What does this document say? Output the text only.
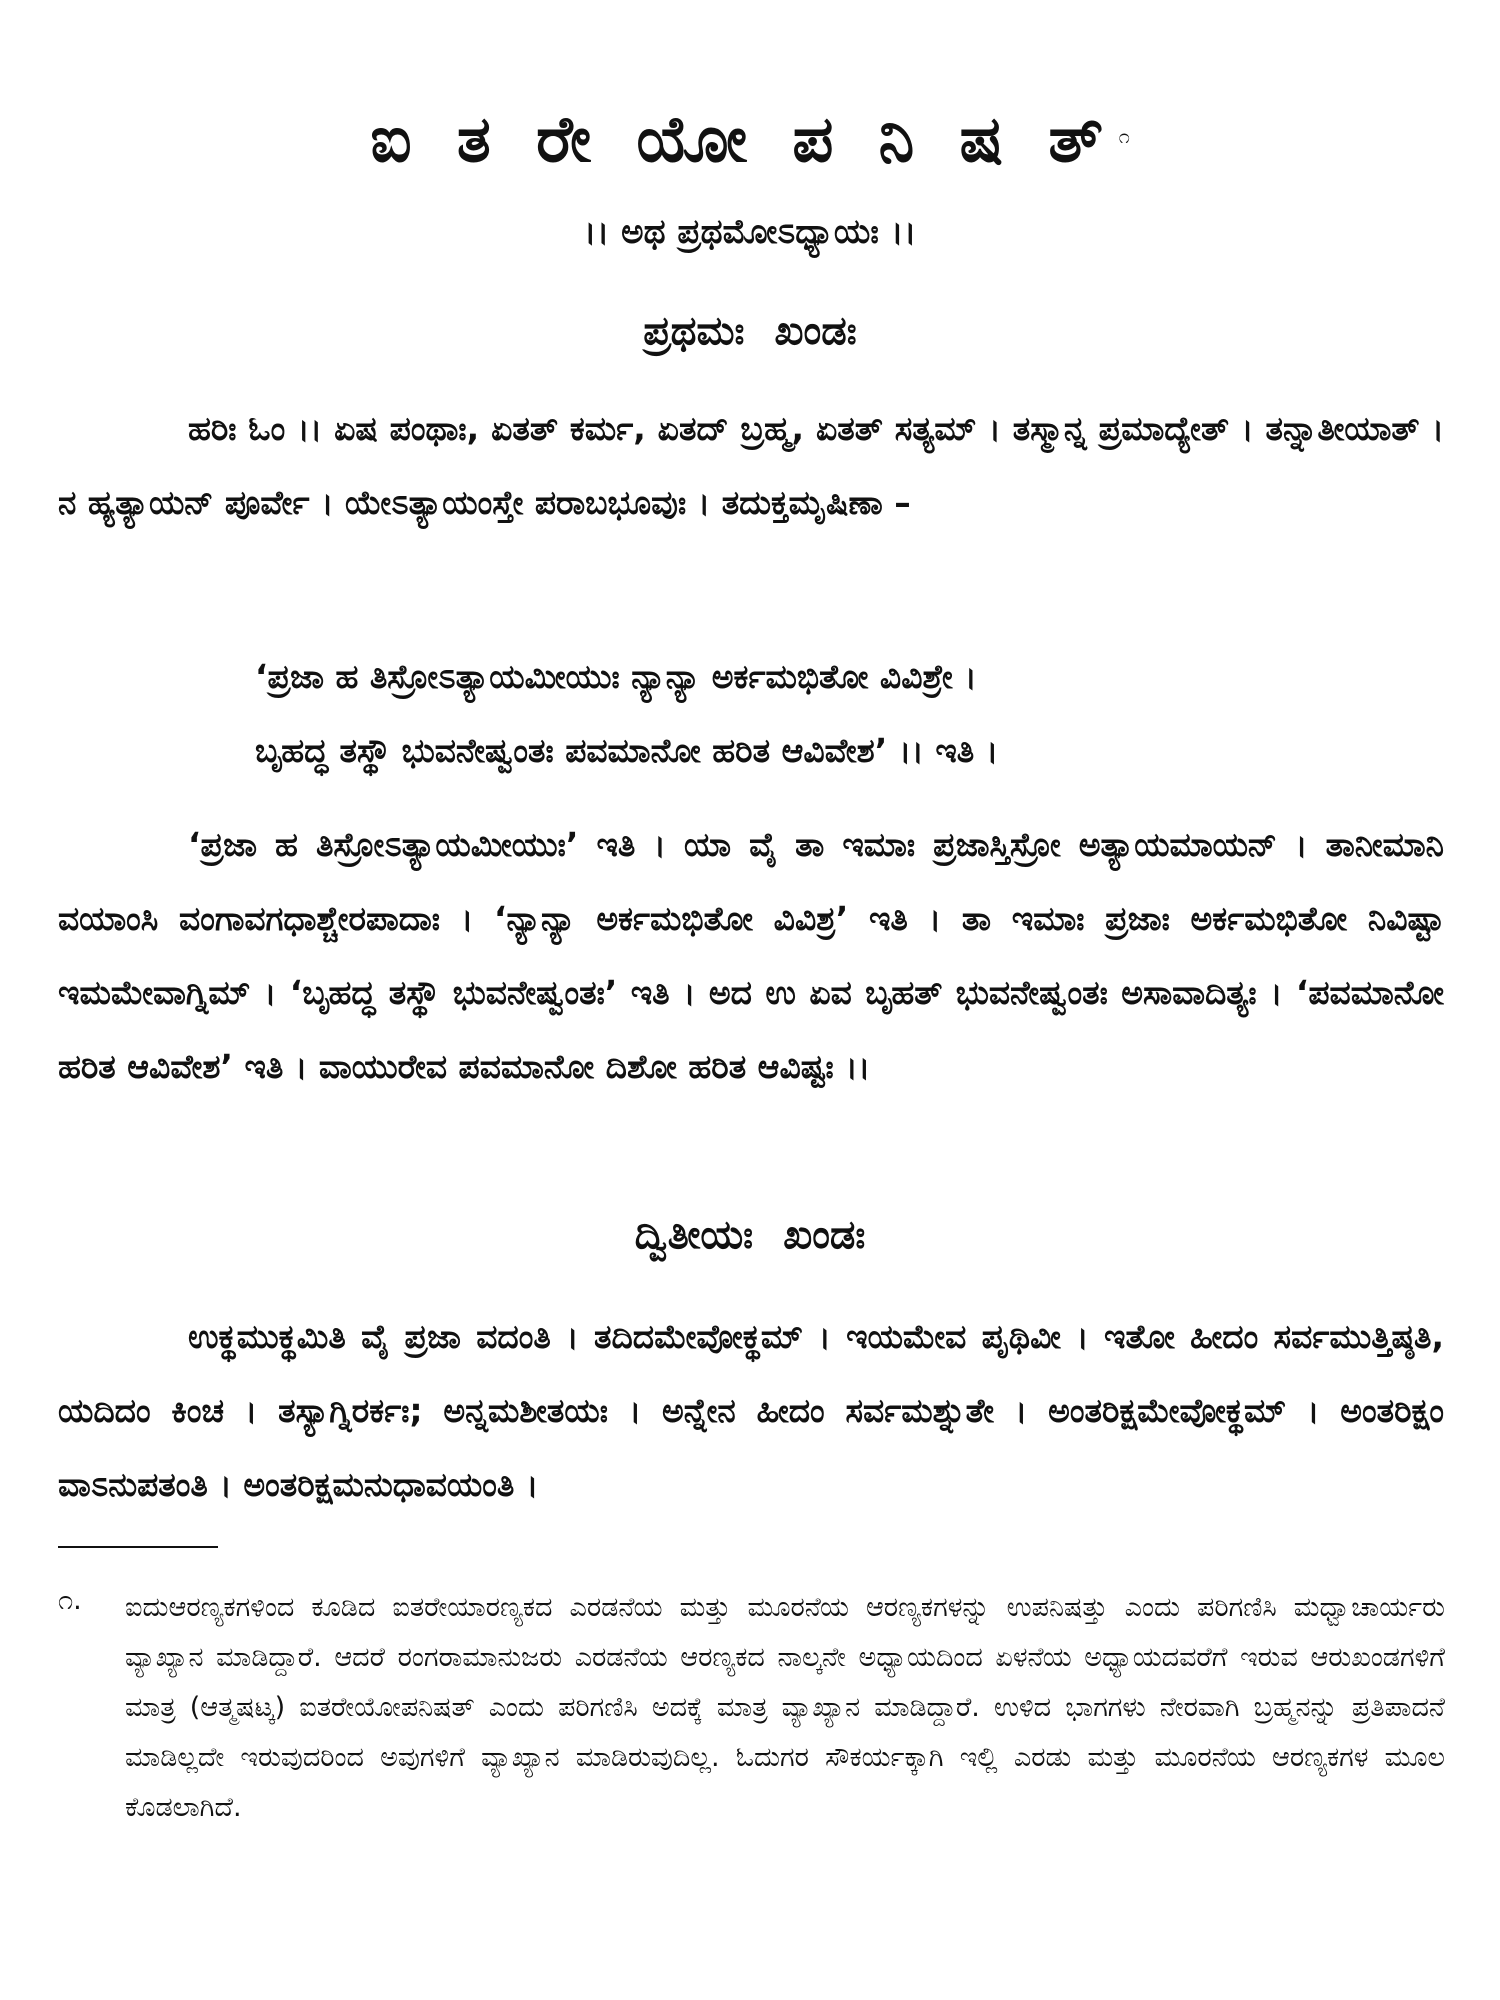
ಐ ತ ರೇ ಯೋ ಪ ನಿ ಷ ತ್ $^೧$
।। ಅಥ ಪ್ರಥಮೋಽಧ್ಯಾಯಃ ।।
ಪ್ರಥಮಃ ಖಂಡಃ
ಹರಿಃ ಓಂ ।। ಏಷ ಪಂಥಾಃ, ಏತತ್ ಕರ್ಮ, ಏತದ್ ಬ್ರಹ್ಮ, ಏತತ್ ಸತ್ಯಮ್ । ತಸ್ಮಾನ್ನ ಪ್ರಮಾದ್ಯೇತ್ । ತನ್ನಾತೀಯಾತ್ । ನ ಹ್ಯತ್ಯಾಯನ್ ಪೂರ್ವೇ । ಯೇಽತ್ಯಾಯಂಸ್ತೇ ಪರಾಬಭೂವುಃ । ತದುಕ್ತಮೃಷಿಣಾ –
‘ಪ್ರಜಾ ಹ ತಿಸ್ರೋಽತ್ಯಾಯಮೀಯುಃ ನ್ಯಾನ್ಯಾ ಅರ್ಕಮಭಿತೋ ವಿವಿಶ್ರೇ ।
ಬೃಹದ್ಧ ತಸ್ಥೌ ಭುವನೇಷ್ವಂತಃ ಪವಮಾನೋ ಹರಿತ ಆವಿವೇಶ’ ।। ಇತಿ ।
‘ಪ್ರಜಾ ಹ ತಿಸ್ರೋಽತ್ಯಾಯಮೀಯುಃ’ ಇತಿ । ಯಾ ವೈ ತಾ ಇಮಾಃ ಪ್ರಜಾಸ್ತಿಸ್ರೋ ಅತ್ಯಾಯಮಾಯನ್ । ತಾನೀಮಾನಿ ವಯಾಂಸಿ ವಂಗಾವಗಧಾಶ್ಚೇರಪಾದಾಃ । ‘ನ್ಯಾನ್ಯಾ ಅರ್ಕಮಭಿತೋ ವಿವಿಶ್ರ’ ಇತಿ । ತಾ ಇಮಾಃ ಪ್ರಜಾಃ ಅರ್ಕಮಭಿತೋ ನಿವಿಷ್ಟಾ ಇಮಮೇವಾಗ್ನಿಮ್ । ‘ಬೃಹದ್ಧ ತಸ್ಥೌ ಭುವನೇಷ್ವಂತಃ’ ಇತಿ । ಅದ ಉ ಏವ ಬೃಹತ್ ಭುವನೇಷ್ವಂತಃ ಅಸಾವಾದಿತ್ಯಃ । ‘ಪವಮಾನೋ ಹರಿತ ಆವಿವೇಶ’ ಇತಿ । ವಾಯುರೇವ ಪವಮಾನೋ ದಿಶೋ ಹರಿತ ಆವಿಷ್ಟಃ ।।
ದ್ವಿತೀಯಃ ಖಂಡಃ
ಉಕ್ಥಮುಕ್ಥಮಿತಿ ವೈ ಪ್ರಜಾ ವದಂತಿ । ತದಿದಮೇವೋಕ್ಥಮ್ । ಇಯಮೇವ ಪೃಥಿವೀ । ಇತೋ ಹೀದಂ ಸರ್ವಮುತ್ತಿಷ್ಠತಿ, ಯದಿದಂ ಕಿಂಚ । ತಸ್ಯಾಗ್ನಿರರ್ಕಃ; ಅನ್ನಮಶೀತಯಃ । ಅನ್ನೇನ ಹೀದಂ ಸರ್ವಮಶ್ನುತೇ । ಅಂತರಿಕ್ಷಮೇವೋಕ್ಥಮ್ । ಅಂತರಿಕ್ಷಂ ವಾಽನುಪತಂತಿ । ಅಂತರಿಕ್ಷಮನುಧಾವಯಂತಿ ।
೧. ಐದುಆರಣ್ಯಕಗಳಿಂದ ಕೂಡಿದ ಐತರೇಯಾರಣ್ಯಕದ ಎರಡನೆಯ ಮತ್ತು ಮೂರನೆಯ ಆರಣ್ಯಕಗಳನ್ನು ಉಪನಿಷತ್ತು ಎಂದು ಪರಿಗಣಿಸಿ ಮಧ್ವಾಚಾರ್ಯರು ವ್ಯಾಖ್ಯಾನ ಮಾಡಿದ್ದಾರೆ. ಆದರೆ ರಂಗರಾಮಾನುಜರು ಎರಡನೆಯ ಆರಣ್ಯಕದ ನಾಲ್ಕನೇ ಅಧ್ಯಾಯದಿಂದ ಏಳನೆಯ ಅಧ್ಯಾಯದವರೆಗೆ ಇರುವ ಆರುಖಂಡಗಳಿಗೆ ಮಾತ್ರ (ಆತ್ಮಷಟ್ಕ) ಐತರೇಯೋಪನಿಷತ್ ಎಂದು ಪರಿಗಣಿಸಿ ಅದಕ್ಕೆ ಮಾತ್ರ ವ್ಯಾಖ್ಯಾನ ಮಾಡಿದ್ದಾರೆ. ಉಳಿದ ಭಾಗಗಳು ನೇರವಾಗಿ ಬ್ರಹ್ಮನನ್ನು ಪ್ರತಿಪಾದನೆ ಮಾಡಿಲ್ಲದೇ ಇರುವುದರಿಂದ ಅವುಗಳಿಗೆ ವ್ಯಾಖ್ಯಾನ ಮಾಡಿರುವುದಿಲ್ಲ. ಓದುಗರ ಸೌಕರ್ಯಕ್ಕಾಗಿ ಇಲ್ಲಿ ಎರಡು ಮತ್ತು ಮೂರನೆಯ ಆರಣ್ಯಕಗಳ ಮೂಲ ಕೊಡಲಾಗಿದೆ.
